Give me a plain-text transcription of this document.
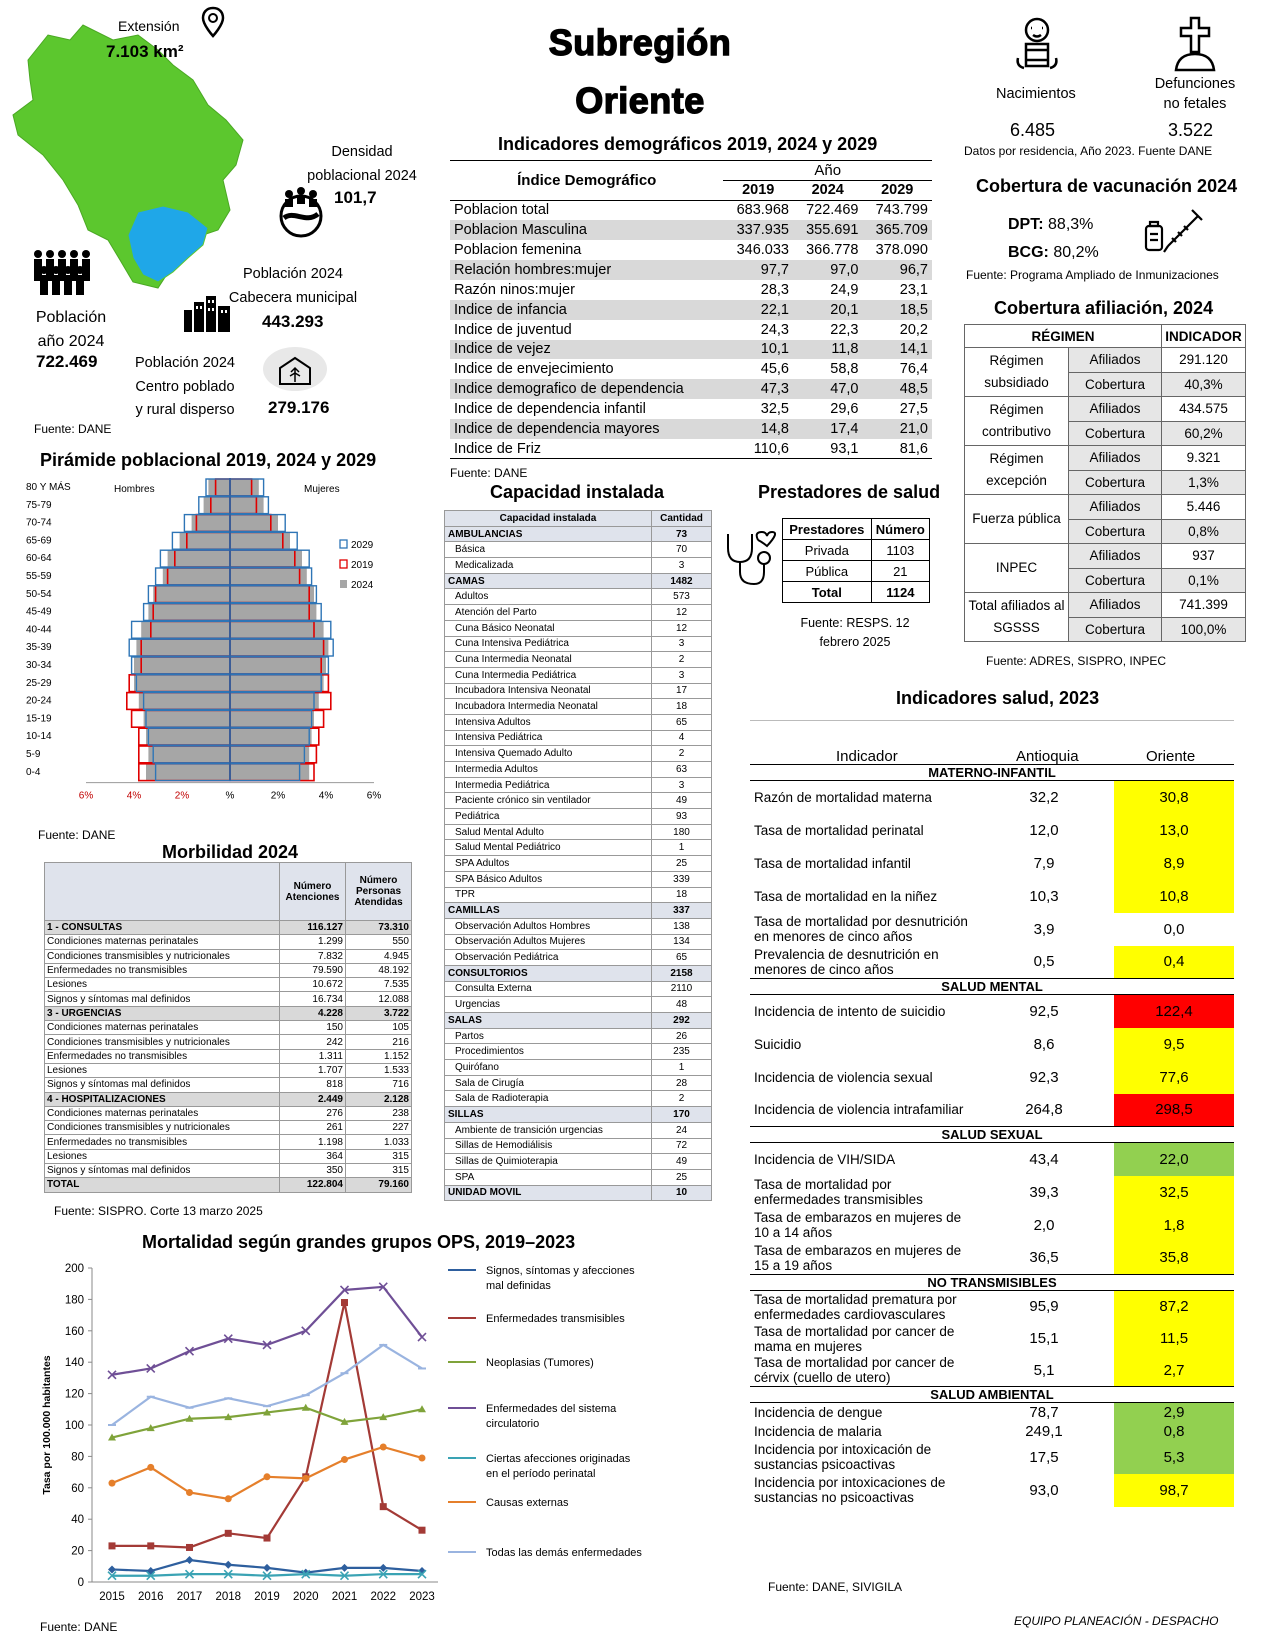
Extensión
7.103 km²
Densidad
poblacional 2024
101,7
Población
año 2024
722.469
Población 2024
Cabecera municipal
443.293
Población 2024
Centro poblado
y rural disperso	279.176
Fuente: DANE
Subregión
Oriente
Indicadores demográficos 2019, 2024 y 2029
Índice Demográfico	Año		
	2019	2024	2029
Poblacion total	683.968	722.469	743.799
Poblacion Masculina	337.935	355.691	365.709
Poblacion femenina	346.033	366.778	378.090
Relación hombres:mujer	97,7	97,0	96,7
Razón ninos:mujer	28,3	24,9	23,1
Indice de infancia	22,1	20,1	18,5
Indice de juventud	24,3	22,3	20,2
Indice de vejez	10,1	11,8	14,1
Indice de envejecimiento	45,6	58,8	76,4
Indice demografico de dependencia	47,3	47,0	48,5
Indice de dependencia infantil	32,5	29,6	27,5
Indice de dependencia mayores	14,8	17,4	21,0
Indice de Friz	110,6	93,1	81,6
Fuente: DANE
Nacimientos
6.485
Defunciones
no fetales
3.522
Datos por residencia, Año 2023. Fuente DANE
Cobertura de vacunación 2024
DPT: 88,3%
BCG: 80,2%
Fuente: Programa Ampliado de Inmunizaciones
Cobertura afiliación, 2024
RÉGIMEN		INDICADOR
Régimen subsidiado	Afiliados	291.120
	Cobertura	40,3%
Régimen contributivo	Afiliados	434.575
	Cobertura	60,2%
Régimen excepción	Afiliados	9.321
	Cobertura	1,3%
Fuerza pública	Afiliados	5.446
	Cobertura	0,8%
INPEC	Afiliados	937
	Cobertura	0,1%
Total afiliados al SGSSS	Afiliados	741.399
	Cobertura	100,0%
Fuente: ADRES, SISPRO, INPEC
Capacidad instalada
Capacidad instalada	Cantidad
AMBULANCIAS	73
Básica	70
Medicalizada	3
CAMAS	1482
Adultos	573
Atención del Parto	12
Cuna Básico Neonatal	12
Cuna Intensiva Pediátrica	3
Cuna Intermedia Neonatal	2
Cuna Intermedia Pediátrica	3
Incubadora Intensiva Neonatal	17
Incubadora Intermedia Neonatal	18
Intensiva Adultos	65
Intensiva Pediátrica	4
Intensiva Quemado Adulto	2
Intermedia Adultos	63
Intermedia Pediátrica	3
Paciente crónico sin ventilador	49
Pediátrica	93
Salud Mental Adulto	180
Salud Mental Pediátrico	1
SPA Adultos	25
SPA Básico Adultos	339
TPR	18
CAMILLAS	337
Observación Adultos Hombres	138
Observación Adultos Mujeres	134
Observación Pediátrica	65
CONSULTORIOS	2158
Consulta Externa	2110
Urgencias	48
SALAS	292
Partos	26
Procedimientos	235
Quirófano	1
Sala de Cirugía	28
Sala de Radioterapia	2
SILLAS	170
Ambiente de transición urgencias	24
Sillas de Hemodiálisis	72
Sillas de Quimioterapia	49
SPA	25
UNIDAD MOVIL	10
Prestadores de salud
Prestadores	Número
Privada	1103
Pública	21
Total	1124
Fuente: RESPS. 12
febrero 2025
Indicadores salud, 2023
Indicador	Antioquia	Oriente
MATERNO-INFANTIL		
Razón de mortalidad materna	32,2	30,8
Tasa de mortalidad perinatal	12,0	13,0
Tasa de mortalidad infantil	7,9	8,9
Tasa de mortalidad en la niñez	10,3	10,8
Tasa de mortalidad por desnutrición en menores de cinco años	3,9	0,0
Prevalencia de desnutrición en menores de cinco años	0,5	0,4
SALUD MENTAL		
Incidencia de intento de suicidio	92,5	122,4
Suicidio	8,6	9,5
Incidencia de violencia sexual	92,3	77,6
Incidencia de violencia intrafamiliar	264,8	298,5
SALUD SEXUAL		
Incidencia de VIH/SIDA	43,4	22,0
Tasa de mortalidad por enfermedades transmisibles	39,3	32,5
Tasa de embarazos en mujeres de 10 a 14 años	2,0	1,8
Tasa de embarazos en mujeres de 15 a 19 años	36,5	35,8
NO TRANSMISIBLES		
Tasa de mortalidad prematura por enfermedades cardiovasculares	95,9	87,2
Tasa de mortalidad por cancer de mama en mujeres	15,1	11,5
Tasa de mortalidad por cancer de cérvix (cuello de utero)	5,1	2,7
SALUD AMBIENTAL		
Incidencia de dengue	78,7	2,9
Incidencia de malaria	249,1	0,8
Incidencia por intoxicación de sustancias psicoactivas	17,5	5,3
Incidencia por intoxicaciones de sustancias no psicoactivas	93,0	98,7
Fuente: DANE, SIVIGILA
Pirámide poblacional 2019, 2024 y 2029
80 Y MÁS
75-79
70-74
65-69
60-64
55-59
50-54
45-49
40-44
35-39
30-34
25-29
20-24
15-19
10-14
5-9
0-4
Hombres	Mujeres
6%	4%	2%	%	2%	4%	6%
2029
2019
2024
Fuente: DANE
Morbilidad 2024
	Número Atenciones	Número Personas Atendidas
1 - CONSULTAS	116.127	73.310
Condiciones maternas perinatales	1.299	550
Condiciones transmisibles y nutricionales	7.832	4.945
Enfermedades no transmisibles	79.590	48.192
Lesiones	10.672	7.535
Signos y síntomas mal definidos	16.734	12.088
3 - URGENCIAS	4.228	3.722
Condiciones maternas perinatales	150	105
Condiciones transmisibles y nutricionales	242	216
Enfermedades no transmisibles	1.311	1.152
Lesiones	1.707	1.533
Signos y síntomas mal definidos	818	716
4 - HOSPITALIZACIONES	2.449	2.128
Condiciones maternas perinatales	276	238
Condiciones transmisibles y nutricionales	261	227
Enfermedades no transmisibles	1.198	1.033
Lesiones	364	315
Signos y síntomas mal definidos	350	315
TOTAL	122.804	79.160
Fuente: SISPRO. Corte 13 marzo 2025
Mortalidad según grandes grupos OPS, 2019–2023
0
20
40
60
80
100
120
140
160
180
200
2015 2016 2017 2018 2019 2020 2021 2022 2023
Tasa por 100.000 habitantes
Signos, síntomas y afecciones mal definidas
Enfermedades transmisibles
Neoplasias (Tumores)
Enfermedades del sistema circulatorio
Ciertas afecciones originadas en el período perinatal
Causas externas
Todas las demás enfermedades
Fuente: DANE	EQUIPO PLANEACIÓN - DESPACHO
